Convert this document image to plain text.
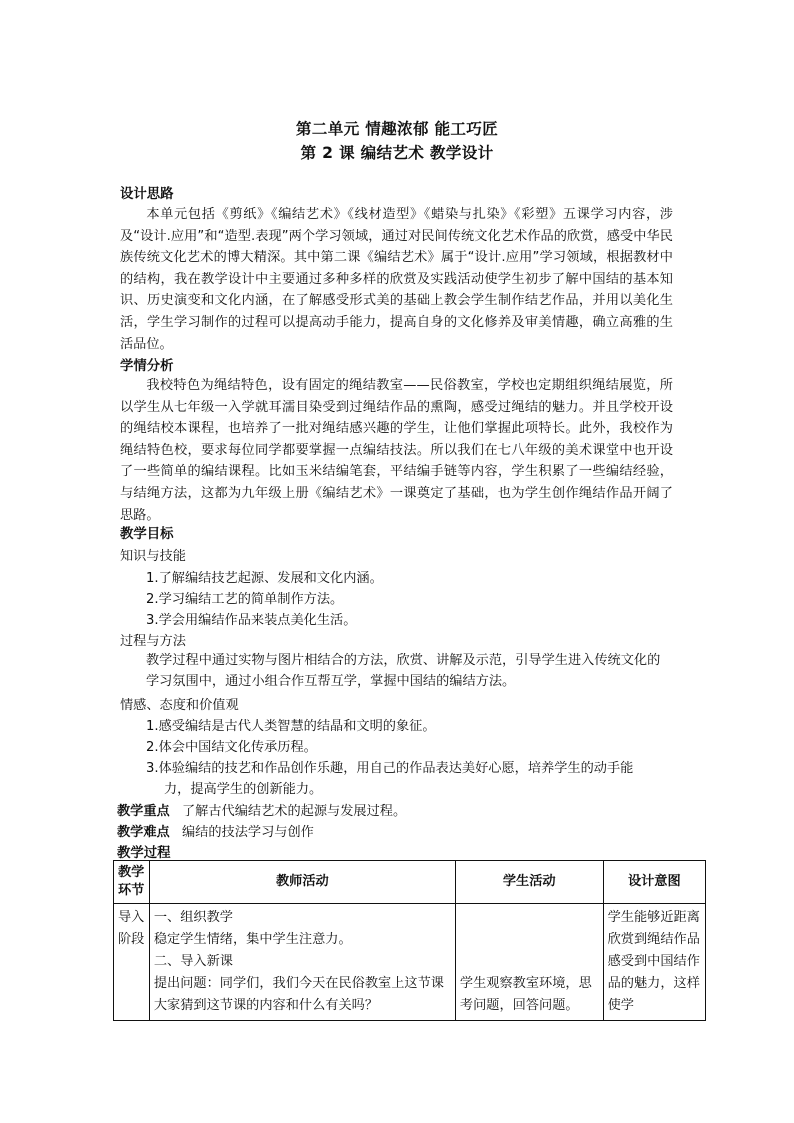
第二单元 情趣浓郁 能工巧匠
第 2 课 编结艺术 教学设计
设计思路

本单元包括《剪纸》《编结艺术》《线材造型》《蜡染与扎染》《彩塑》五课学习内容，涉及“设计.应用”和“造型.表现”两个学习领域，通过对民间传统文化艺术作品的欣赏，感受中华民族传统文化艺术的博大精深。其中第二课《编结艺术》属于“设计.应用”学习领域，根据教材中的结构，我在教学设计中主要通过多种多样的欣赏及实践活动使学生初步了解中国结的基本知识、历史演变和文化内涵，在了解感受形式美的基础上教会学生制作结艺作品，并用以美化生活，学生学习制作的过程可以提高动手能力，提高自身的文化修养及审美情趣，确立高雅的生活品位。

学情分析

我校特色为绳结特色，设有固定的绳结教室——民俗教室，学校也定期组织绳结展览，所以学生从七年级一入学就耳濡目染受到过绳结作品的熏陶，感受过绳结的魅力。并且学校开设的绳结校本课程，也培养了一批对绳结感兴趣的学生，让他们掌握此项特长。此外，我校作为绳结特色校，要求每位同学都要掌握一点编结技法。所以我们在七八年级的美术课堂中也开设了一些简单的编结课程。比如玉米结编笔套，平结编手链等内容，学生积累了一些编结经验，与结绳方法，这都为九年级上册《编结艺术》一课奠定了基础，也为学生创作绳结作品开阔了思路。

教学目标
知识与技能
1.了解编结技艺起源、发展和文化内涵。
2.学习编结工艺的简单制作方法。
3.学会用编结作品来装点美化生活。
过程与方法

教学过程中通过实物与图片相结合的方法，欣赏、讲解及示范，引导学生进入传统文化的学习氛围中，通过小组合作互帮互学，掌握中国结的编结方法。

情感、态度和价值观
1.感受编结是古代人类智慧的结晶和文明的象征。
2.体会中国结文化传承历程。
3.体验编结的技艺和作品创作乐趣，用自己的作品表达美好心愿，培养学生的动手能
力，提高学生的创新能力。
教学重点 了解古代编结艺术的起源与发展过程。
教学难点 编结的技法学习与创作
教学过程
教学环节	教师活动	学生活动	设计意图
导入阶段	一、组织教学
稳定学生情绪，集中学生注意力。
二、导入新课
提出问题：同学们，我们今天在民俗教室上这节课大家猜到这节课的内容和什么有关吗？	学生观察教室环境，思考问题，回答问题。	学生能够近距离欣赏到绳结作品感受到中国结作品的魅力，这样使学
